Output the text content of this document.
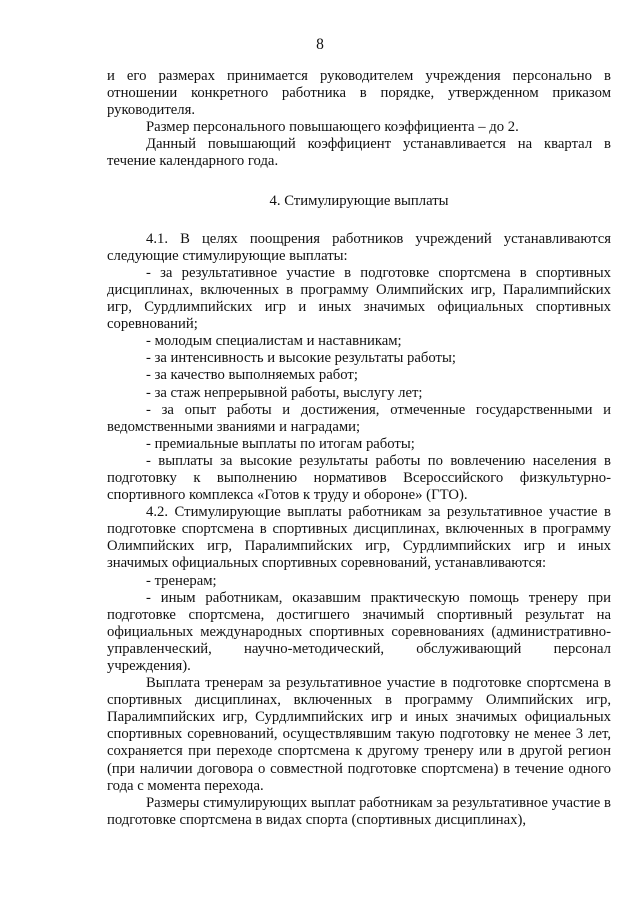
8

и его размерах принимается руководителем учреждения персонально в отношении конкретного работника в порядке, утвержденном приказом руководителя.

Размер персонального повышающего коэффициента – до 2.

Данный повышающий коэффициент устанавливается на квартал в течение календарного года.

4. Стимулирующие выплаты

4.1. В целях поощрения работников учреждений устанавливаются следующие стимулирующие выплаты:

- за результативное участие в подготовке спортсмена в спортивных дисциплинах, включенных в программу Олимпийских игр, Паралимпийских игр, Сурдлимпийских игр и иных значимых официальных спортивных соревнований;

- молодым специалистам и наставникам;

- за интенсивность и высокие результаты работы;

- за качество выполняемых работ;

- за стаж непрерывной работы, выслугу лет;

- за опыт работы и достижения, отмеченные государственными и ведомственными званиями и наградами;

- премиальные выплаты по итогам работы;

- выплаты за высокие результаты работы по вовлечению населения в подготовку к выполнению нормативов Всероссийского физкультурно-спортивного комплекса «Готов к труду и обороне» (ГТО).

4.2. Стимулирующие выплаты работникам за результативное участие в подготовке спортсмена в спортивных дисциплинах, включенных в программу Олимпийских игр, Паралимпийских игр, Сурдлимпийских игр и иных значимых официальных спортивных соревнований, устанавливаются:

- тренерам;

- иным работникам, оказавшим практическую помощь тренеру при подготовке спортсмена, достигшего значимый спортивный результат на официальных международных спортивных соревнованиях (административно-управленческий, научно-методический, обслуживающий персонал учреждения).

Выплата тренерам за результативное участие в подготовке спортсмена в спортивных дисциплинах, включенных в программу Олимпийских игр, Паралимпийских игр, Сурдлимпийских игр и иных значимых официальных спортивных соревнований, осуществлявшим такую подготовку не менее 3 лет, сохраняется при переходе спортсмена к другому тренеру или в другой регион (при наличии договора о совместной подготовке спортсмена) в течение одного года с момента перехода.

Размеры стимулирующих выплат работникам за результативное участие в подготовке спортсмена в видах спорта (спортивных дисциплинах),
